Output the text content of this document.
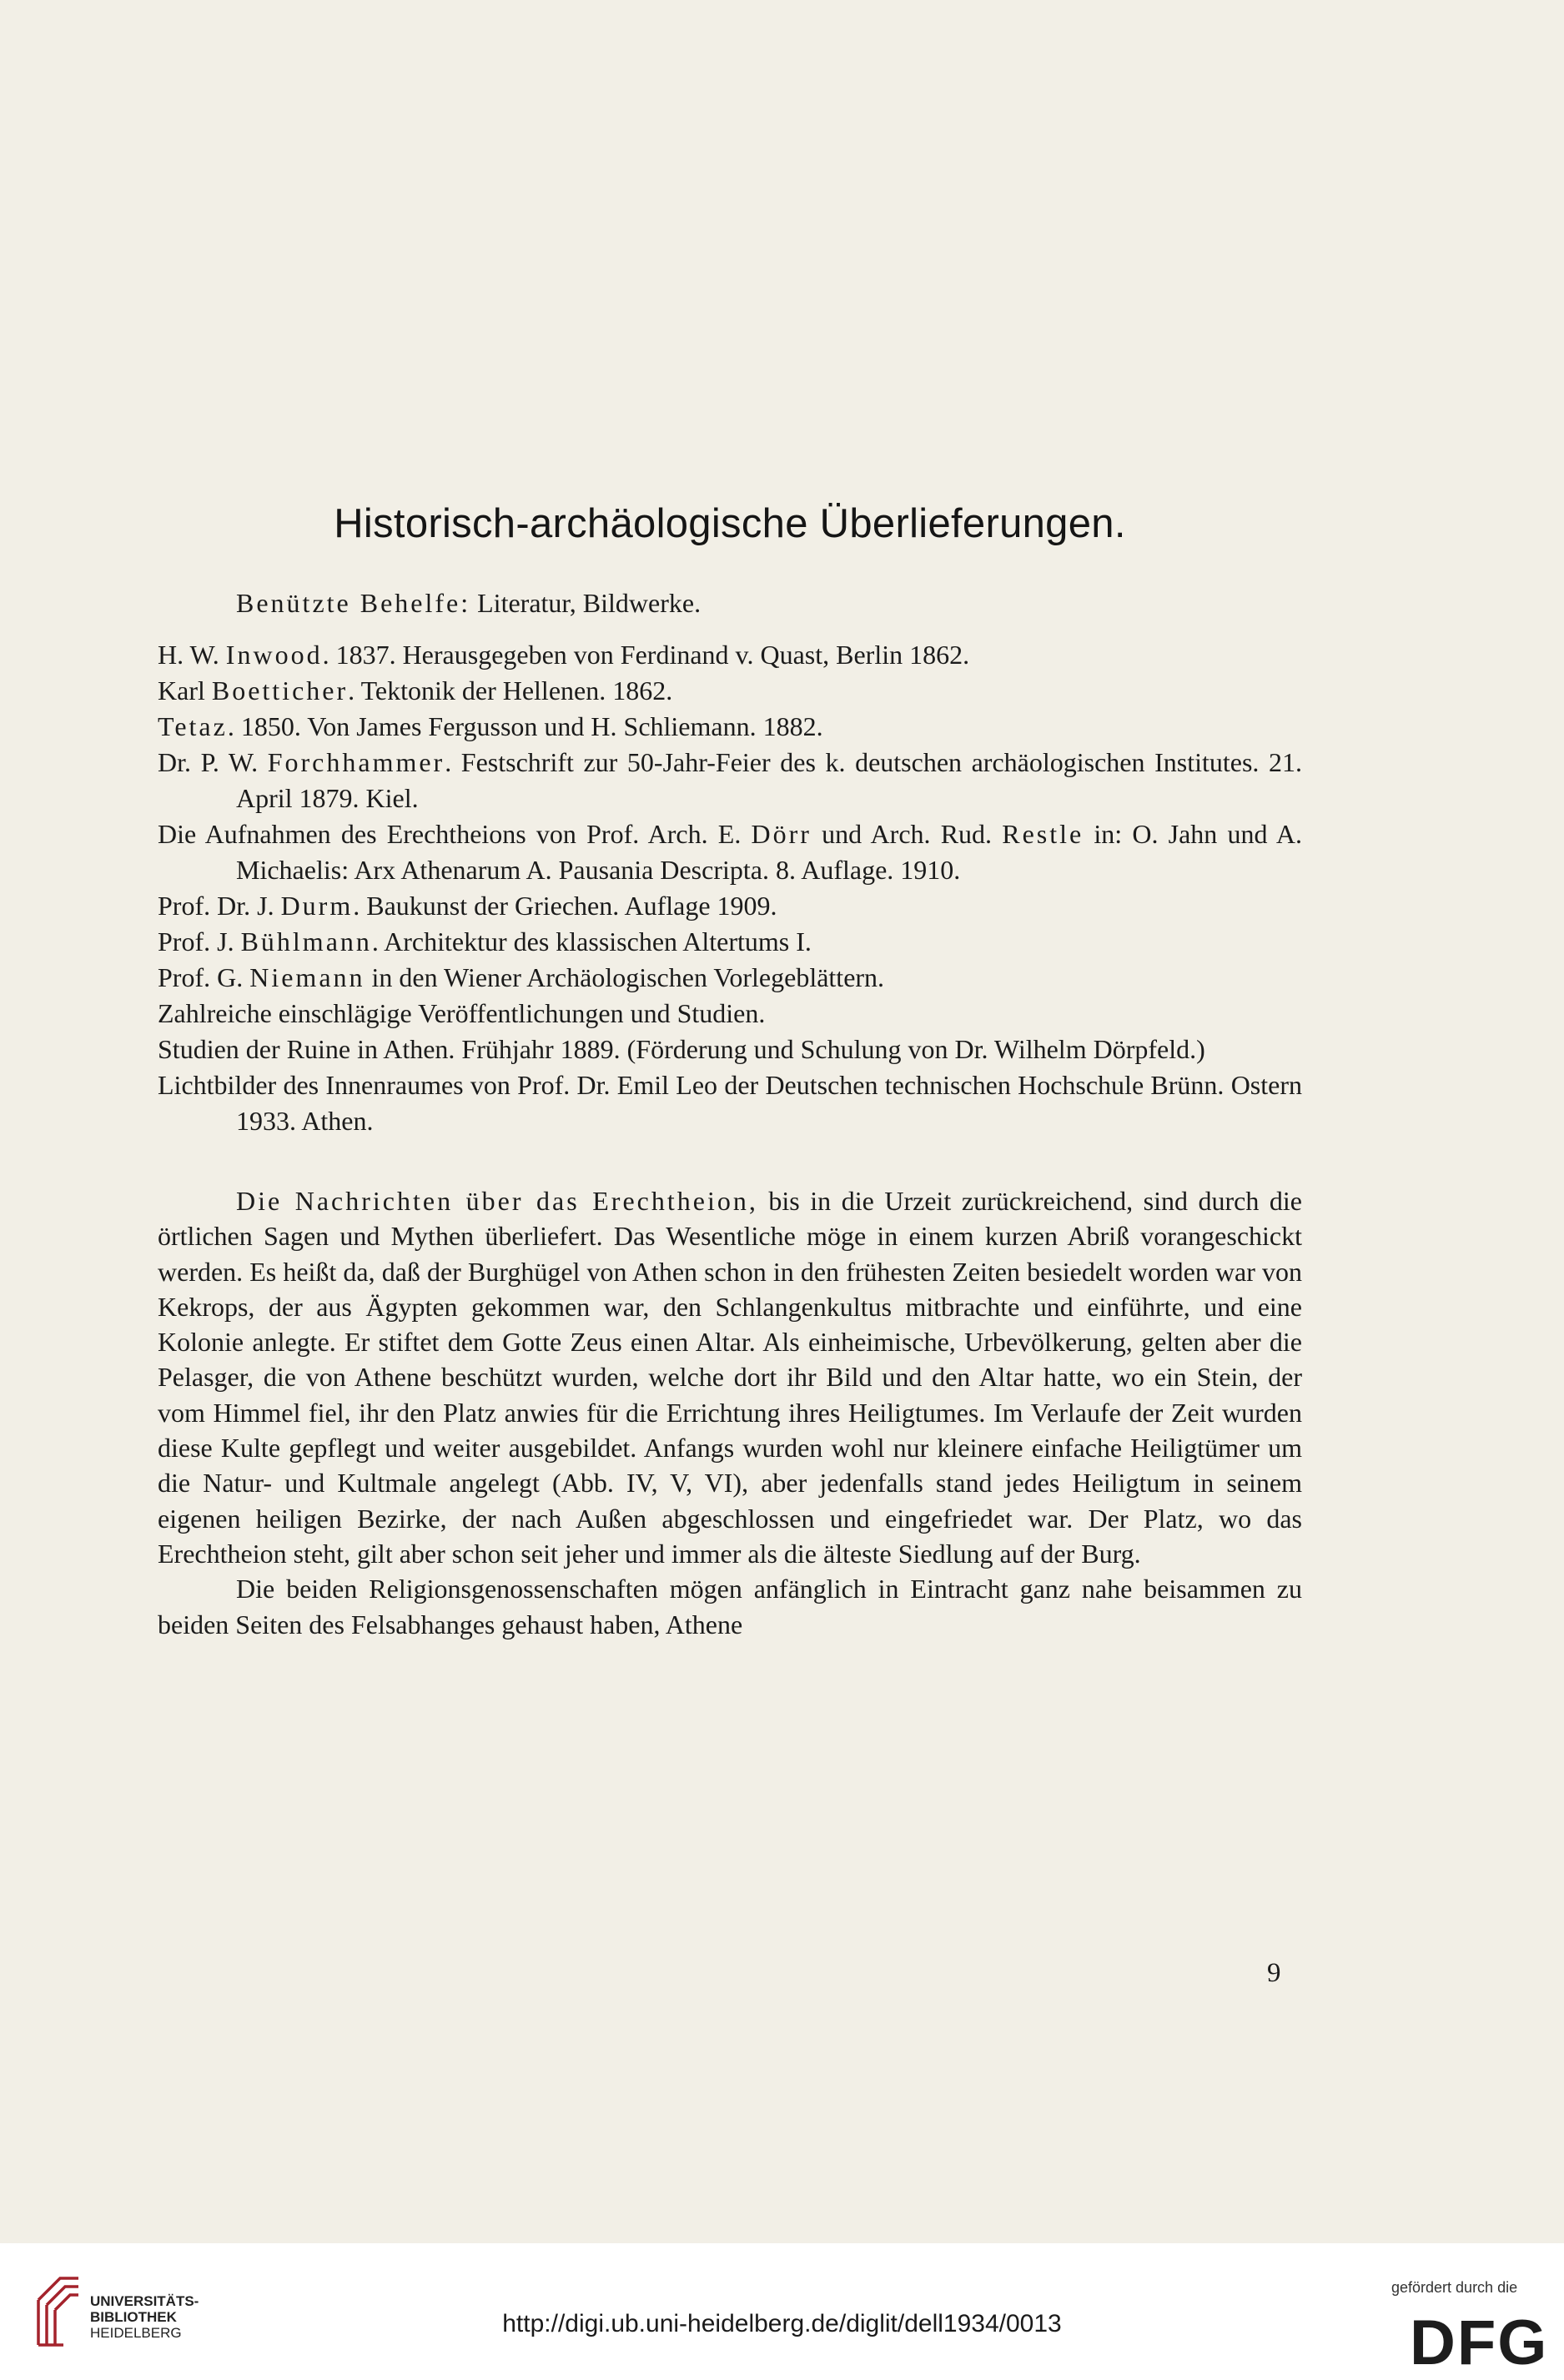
Historisch-archäologische Überlieferungen.

Benützte Behelfe: Literatur, Bildwerke.

H. W. Inwood. 1837. Herausgegeben von Ferdinand v. Quast, Berlin 1862.

Karl Boetticher. Tektonik der Hellenen. 1862.

Tetaz. 1850. Von James Fergusson und H. Schliemann. 1882.

Dr. P. W. Forchhammer. Festschrift zur 50-Jahr-Feier des k. deutschen archäologischen Institutes. 21. April 1879. Kiel.

Die Aufnahmen des Erechtheions von Prof. Arch. E. Dörr und Arch. Rud. Restle in: O. Jahn und A. Michaelis: Arx Athenarum A. Pausania Descripta. 8. Auflage. 1910.

Prof. Dr. J. Durm. Baukunst der Griechen. Auflage 1909.

Prof. J. Bühlmann. Architektur des klassischen Altertums I.

Prof. G. Niemann in den Wiener Archäologischen Vorlegeblättern.

Zahlreiche einschlägige Veröffentlichungen und Studien.

Studien der Ruine in Athen. Frühjahr 1889. (Förderung und Schulung von Dr. Wilhelm Dörpfeld.)

Lichtbilder des Innenraumes von Prof. Dr. Emil Leo der Deutschen technischen Hochschule Brünn. Ostern 1933. Athen.

Die Nachrichten über das Erechtheion, bis in die Urzeit zurückreichend, sind durch die örtlichen Sagen und Mythen überliefert. Das Wesentliche möge in einem kurzen Abriß vorangeschickt werden. Es heißt da, daß der Burghügel von Athen schon in den frühesten Zeiten besiedelt worden war von Kekrops, der aus Ägypten gekommen war, den Schlangenkultus mitbrachte und einführte, und eine Kolonie anlegte. Er stiftet dem Gotte Zeus einen Altar. Als einheimische, Urbevölkerung, gelten aber die Pelasger, die von Athene beschützt wurden, welche dort ihr Bild und den Altar hatte, wo ein Stein, der vom Himmel fiel, ihr den Platz anwies für die Errichtung ihres Heiligtumes. Im Verlaufe der Zeit wurden diese Kulte gepflegt und weiter ausgebildet. Anfangs wurden wohl nur kleinere einfache Heiligtümer um die Natur- und Kultmale angelegt (Abb. IV, V, VI), aber jedenfalls stand jedes Heiligtum in seinem eigenen heiligen Bezirke, der nach Außen abgeschlossen und eingefriedet war. Der Platz, wo das Erechtheion steht, gilt aber schon seit jeher und immer als die älteste Siedlung auf der Burg.

Die beiden Religionsgenossenschaften mögen anfänglich in Eintracht ganz nahe beisammen zu beiden Seiten des Felsabhanges gehaust haben, Athene

9
UNIVERSITÄTS-
BIBLIOTHEK
HEIDELBERG	http://digi.ub.uni-heidelberg.de/diglit/dell1934/0013
gefördert durch die
DFG
